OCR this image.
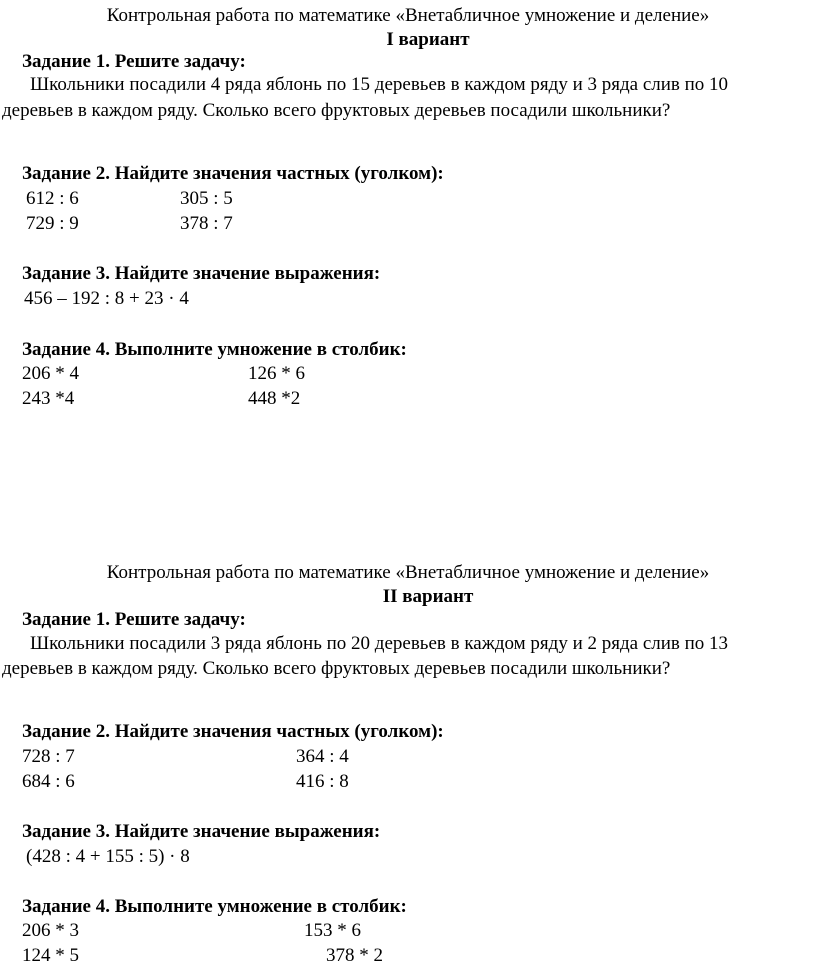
Контрольная работа по математике «Внетабличное умножение и деление»
I вариант
Задание 1. Решите задачу:
Школьники посадили 4 ряда яблонь по 15 деревьев в каждом ряду и 3 ряда слив по 10
деревьев в каждом ряду. Сколько всего фруктовых деревьев посадили школьники?
Задание 2. Найдите значения частных (уголком):
612 : 6	305 : 5
729 : 9	378 : 7
Задание 3. Найдите значение выражения:
456 – 192 : 8 + 23 · 4
Задание 4. Выполните умножение в столбик:
206 * 4	126 * 6
243 *4	448 *2
Контрольная работа по математике «Внетабличное умножение и деление»
II вариант
Задание 1. Решите задачу:
Школьники посадили 3 ряда яблонь по 20 деревьев в каждом ряду и 2 ряда слив по 13
деревьев в каждом ряду. Сколько всего фруктовых деревьев посадили школьники?
Задание 2. Найдите значения частных (уголком):
728 : 7	364 : 4
684 : 6	416 : 8
Задание 3. Найдите значение выражения:
(428 : 4 + 155 : 5) · 8
Задание 4. Выполните умножение в столбик:
206 * 3	153 * 6
124 * 5	378 * 2
